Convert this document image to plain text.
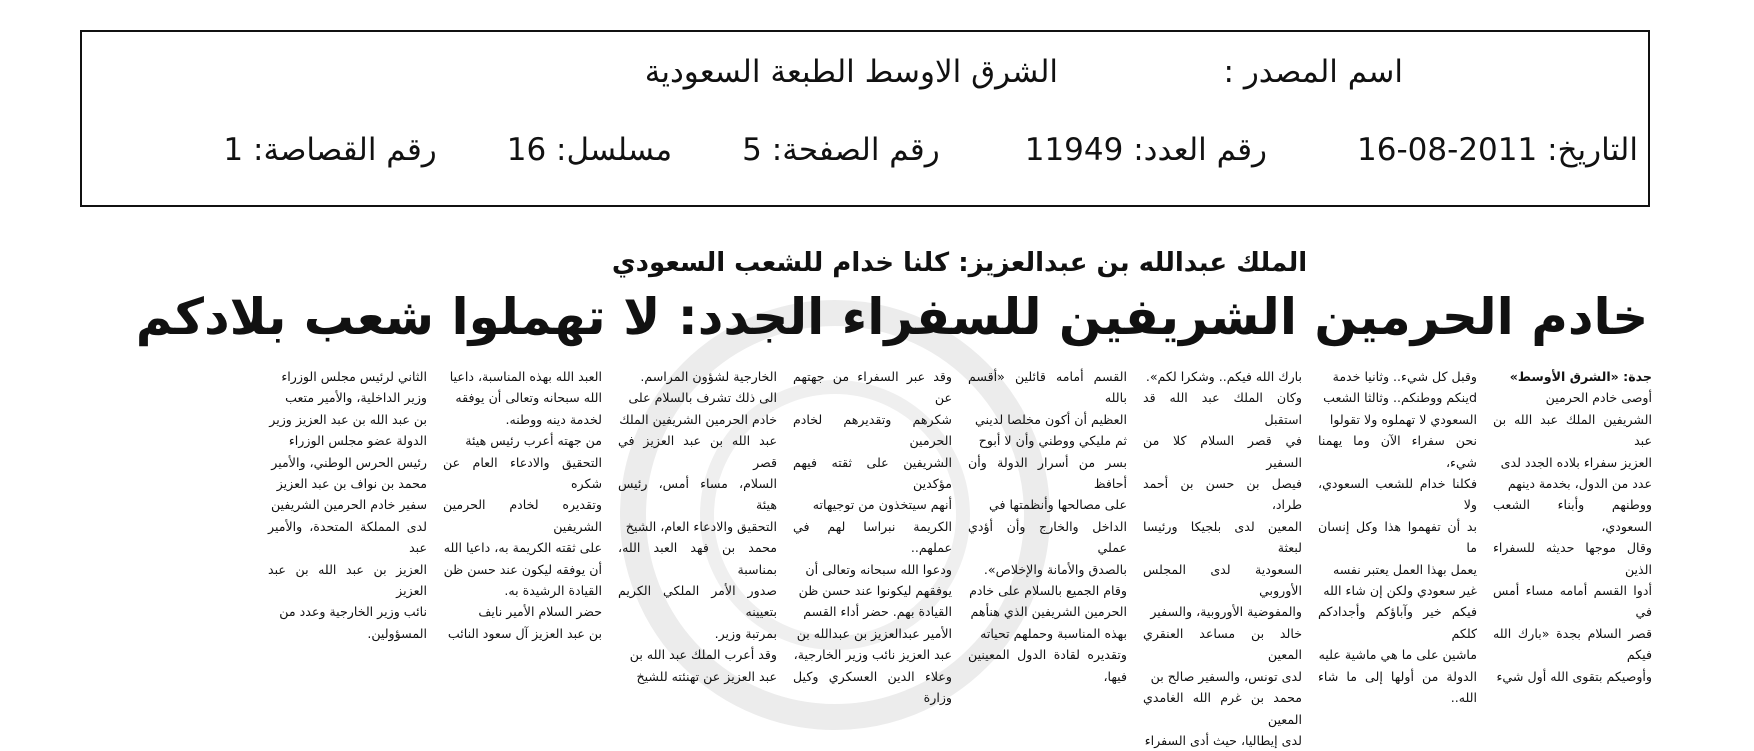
اسم المصدر :
الشرق الاوسط الطبعة السعودية
التاريخ: 2011-08-16
رقم العدد: 11949
رقم الصفحة: 5
مسلسل: 16
رقم القصاصة: 1
الملك عبدالله بن عبدالعزيز: كلنا خدام للشعب السعودي
خادم الحرمين الشريفين للسفراء الجدد: لا تهملوا شعب بلادكم

جدة: «الشرق الأوسط»

أوصى خادم الحرمين
الشريفين الملك عبد الله بن عبد
العزيز سفراء بلاده الجدد لدى
عدد من الدول، بخدمة دينهم
ووطنهم وأبناء الشعب السعودي،
وقال موجها حديثه للسفراء الذين
أدوا القسم أمامه مساء أمس في
قصر السلام بجدة «بارك الله فيكم
وأوصيكم بتقوى الله أول شيء

وقبل كل شيء.. وثانيا خدمة
dينكم ووطنكم.. وثالثا الشعب
السعودي لا تهملوه ولا تقولوا
نحن سفراء الآن وما يهمنا شيء،
فكلنا خدام للشعب السعودي، ولا
بد أن تفهموا هذا وكل إنسان ما
يعمل بهذا العمل يعتبر نفسه
غير سعودي ولكن إن شاء الله
فيكم خير وآباؤكم وأجدادكم كلكم
ماشين على ما هي ماشية عليه
الدولة من أولها إلى ما شاء الله..

بارك الله فيكم.. وشكرا لكم».
وكان الملك عبد الله قد استقبل
في قصر السلام كلا من السفير
فيصل بن حسن بن أحمد طراد،
المعين لدى بلجيكا ورئيسا لبعثة
السعودية لدى المجلس الأوروبي
والمفوضية الأوروبية، والسفير
خالد بن مساعد العنقري المعين
لدى تونس، والسفير صالح بن
محمد بن غرم الله الغامدي المعين
لدى إيطاليا، حيث أدى السفراء

القسم أمامه قائلين «أقسم بالله
العظيم أن أكون مخلصا لديني
ثم مليكي ووطني وأن لا أبوح
بسر من أسرار الدولة وأن أحافظ
على مصالحها وأنظمتها في
الداخل والخارج وأن أؤدي عملي
بالصدق والأمانة والإخلاص».
وقام الجميع بالسلام على خادم
الحرمين الشريفين الذي هنأهم
بهذه المناسبة وحملهم تحياته
وتقديره لقادة الدول المعينين فيها،

وقد عبر السفراء من جهتهم عن
شكرهم وتقديرهم لخادم الحرمين
الشريفين على ثقته فيهم مؤكدين
أنهم سيتخذون من توجيهاته
الكريمة نبراسا لهم في عملهم..
ودعوا الله سبحانه وتعالى أن
يوفقهم ليكونوا عند حسن ظن
القيادة بهم. حضر أداء القسم
الأمير عبدالعزيز بن عبدالله بن
عبد العزيز نائب وزير الخارجية،
وعلاء الدين العسكري وكيل وزارة

الخارجية لشؤون المراسم.
الى ذلك تشرف بالسلام على
خادم الحرمين الشريفين الملك
عبد الله بن عبد العزيز في قصر
السلام، مساء أمس، رئيس هيئة
التحقيق والادعاء العام، الشيخ
محمد بن فهد العبد الله، بمناسبة
صدور الأمر الملكي الكريم بتعيينه
بمرتبة وزير.
وقد أعرب الملك عبد الله بن
عبد العزيز عن تهنئته للشيخ

العبد الله بهذه المناسبة، داعيا
الله سبحانه وتعالى أن يوفقه
لخدمة دينه ووطنه.
من جهته أعرب رئيس هيئة
التحقيق والادعاء العام عن شكره
وتقديره لخادم الحرمين الشريفين
على ثقته الكريمة به، داعيا الله
أن يوفقه ليكون عند حسن ظن
القيادة الرشيدة به.
حضر السلام الأمير نايف
بن عبد العزيز آل سعود النائب

الثاني لرئيس مجلس الوزراء
وزير الداخلية، والأمير متعب
بن عبد الله بن عبد العزيز وزير
الدولة عضو مجلس الوزراء
رئيس الحرس الوطني، والأمير
محمد بن نواف بن عبد العزيز
سفير خادم الحرمين الشريفين
لدى المملكة المتحدة، والأمير عبد
العزيز بن عبد الله بن عبد العزيز
نائب وزير الخارجية وعدد من
المسؤولين.
